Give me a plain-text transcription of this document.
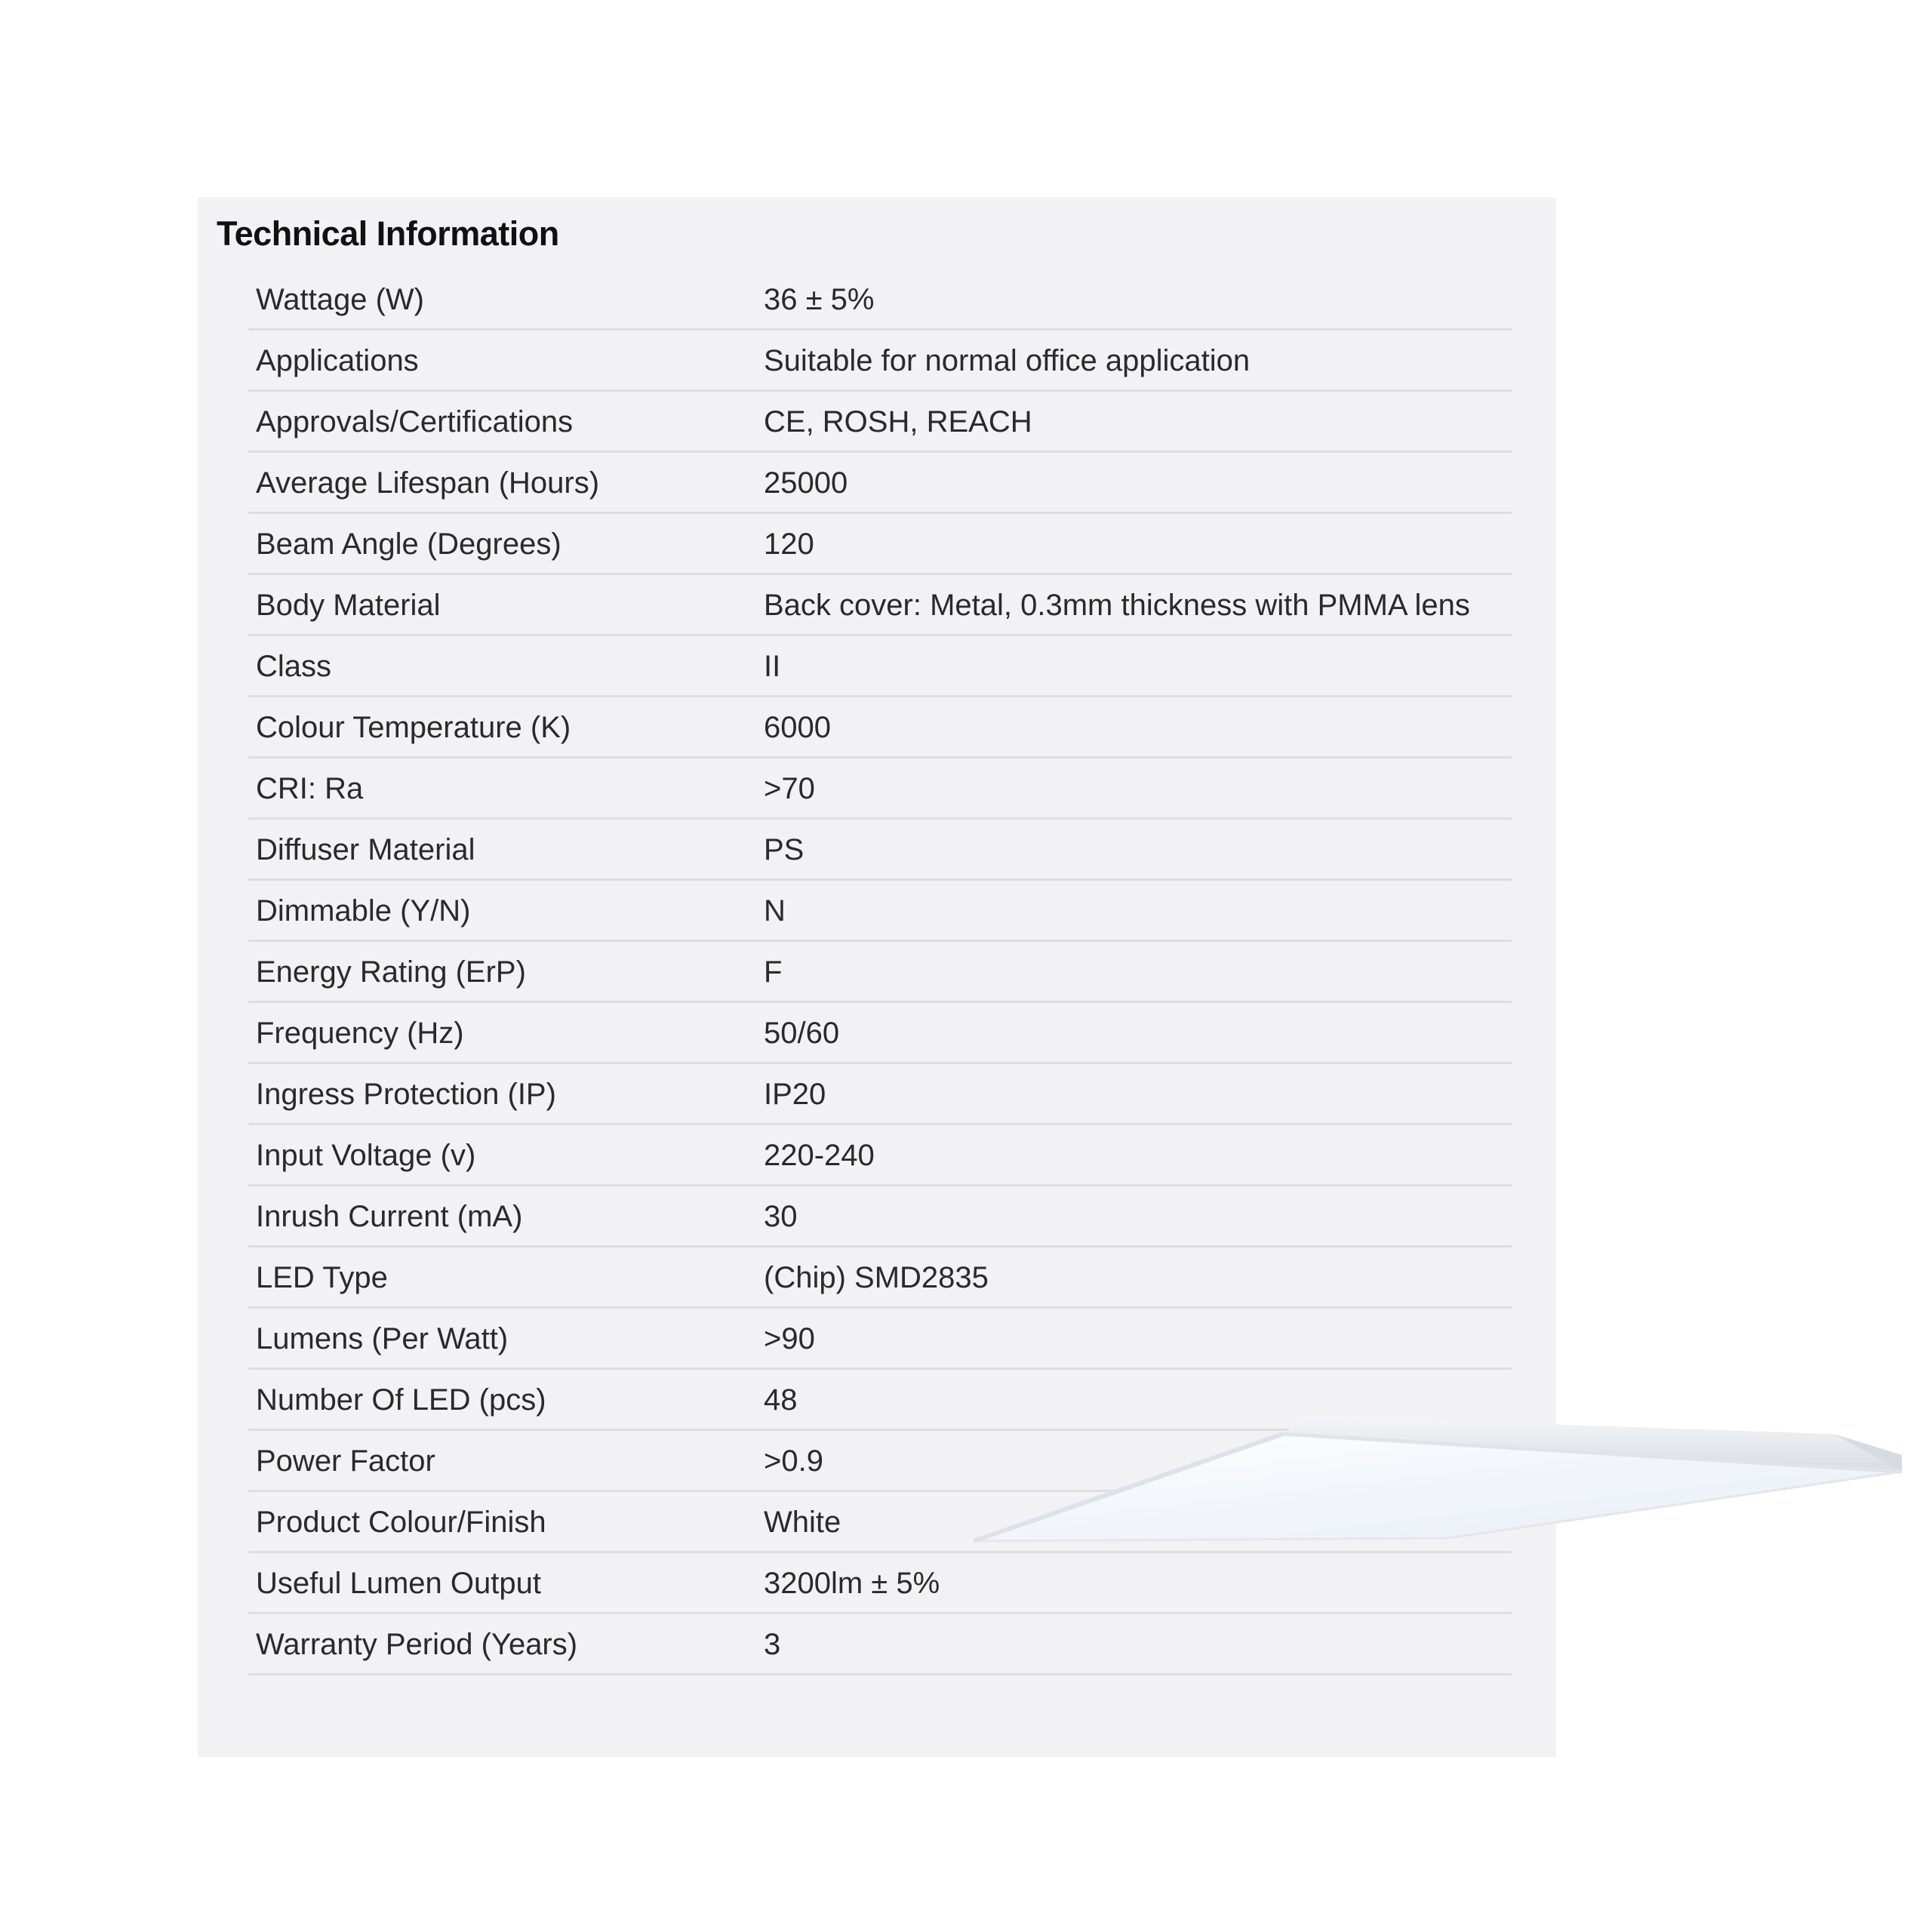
Technical Information
Wattage (W)	36 ± 5%
Applications	Suitable for normal office application
Approvals/Certifications	CE, ROSH, REACH
Average Lifespan (Hours)	25000
Beam Angle (Degrees)	120
Body Material	Back cover: Metal, 0.3mm thickness with PMMA lens
Class	II
Colour Temperature (K)	6000
CRI: Ra	>70
Diffuser Material	PS
Dimmable (Y/N)	N
Energy Rating (ErP)	F
Frequency (Hz)	50/60
Ingress Protection (IP)	IP20
Input Voltage (v)	220-240
Inrush Current (mA)	30
LED Type	(Chip) SMD2835
Lumens (Per Watt)	>90
Number Of LED (pcs)	48
Power Factor	>0.9
Product Colour/Finish	White
Useful Lumen Output	3200lm ± 5%
Warranty Period (Years)	3
